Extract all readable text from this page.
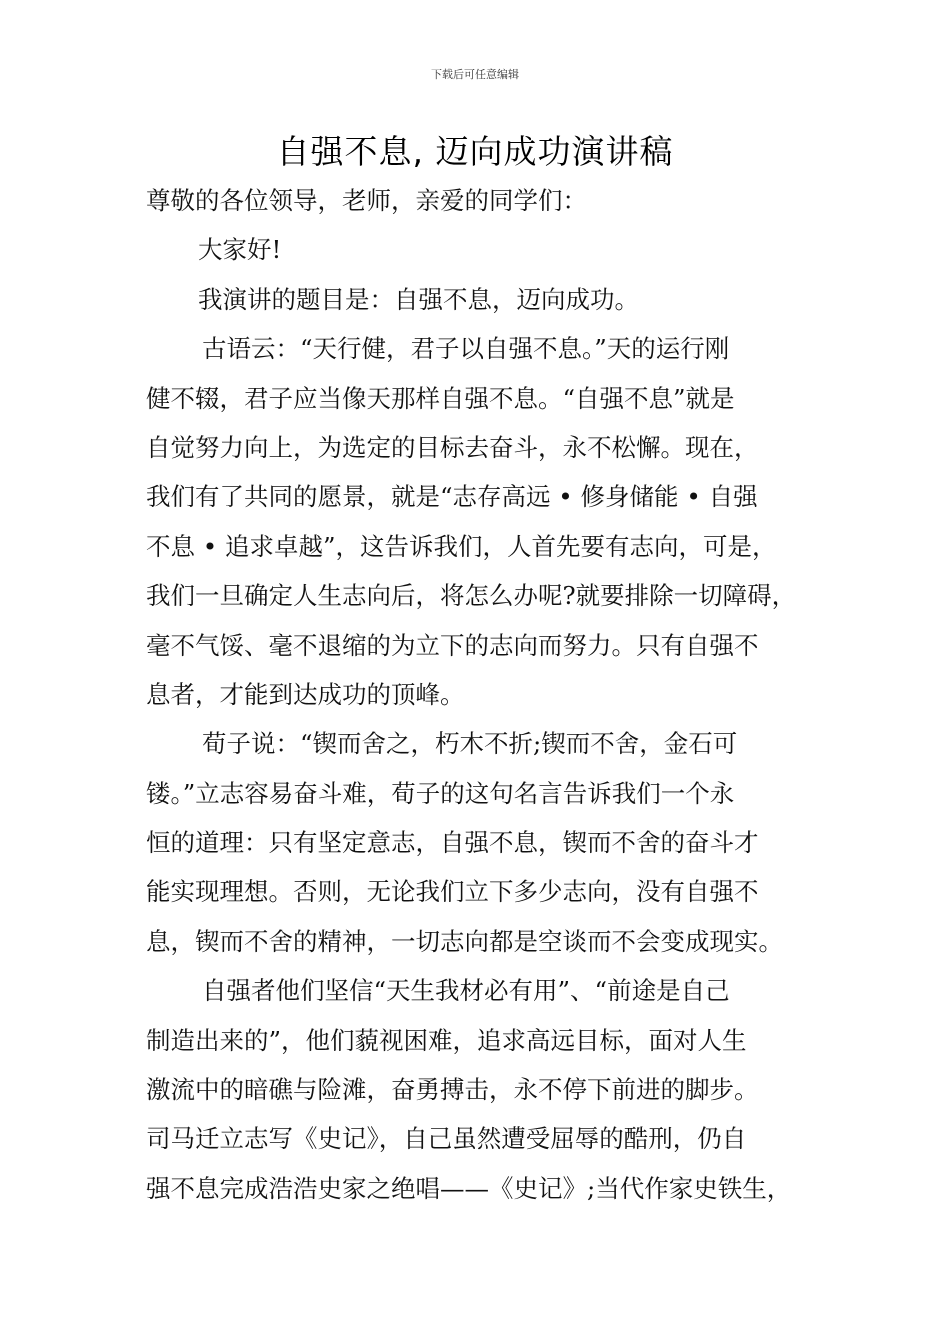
下载后可任意编辑
自强不息, 迈向成功演讲稿
尊敬的各位领导，老师，亲爱的同学们：
大家好!
我演讲的题目是：自强不息，迈向成功。
古语云：“天行健，君子以自强不息。”天的运行刚
健不辍，君子应当像天那样自强不息。“自强不息”就是
自觉努力向上，为选定的目标去奋斗，永不松懈。现在，
我们有了共同的愿景，就是“志存高远 • 修身储能 • 自强
不息 • 追求卓越”，这告诉我们，人首先要有志向，可是，
我们一旦确定人生志向后，将怎么办呢?就要排除一切障碍，
毫不气馁、毫不退缩的为立下的志向而努力。只有自强不
息者，才能到达成功的顶峰。
荀子说：“锲而舍之，朽木不折;锲而不舍，金石可
镂。”立志容易奋斗难，荀子的这句名言告诉我们一个永
恒的道理：只有坚定意志，自强不息，锲而不舍的奋斗才
能实现理想。否则，无论我们立下多少志向，没有自强不
息，锲而不舍的精神，一切志向都是空谈而不会变成现实。
自强者他们坚信“天生我材必有用”、“前途是自己
制造出来的”，他们藐视困难，追求高远目标，面对人生
激流中的暗礁与险滩，奋勇搏击，永不停下前进的脚步。
司马迁立志写《史记》，自己虽然遭受屈辱的酷刑，仍自
强不息完成浩浩史家之绝唱——《史记》;当代作家史铁生，
